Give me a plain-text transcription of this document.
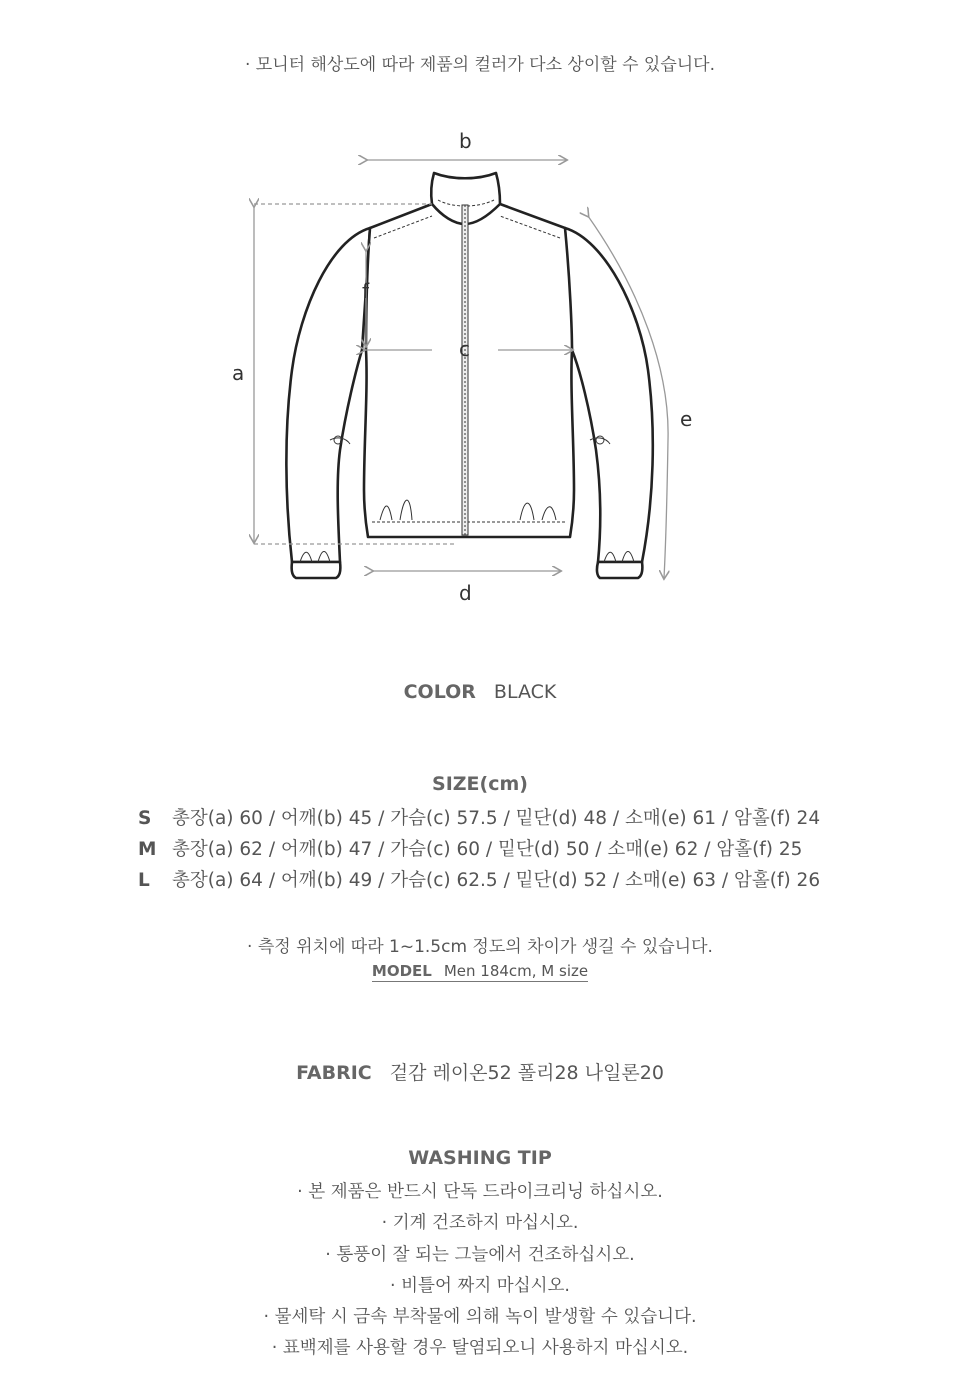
· 모니터 해상도에 따라 제품의 컬러가 다소 상이할 수 있습니다.
b
a
f
c
e
d
COLOR BLACK
SIZE(cm)
S 총장(a) 60 / 어깨(b) 45 / 가슴(c) 57.5 / 밑단(d) 48 / 소매(e) 61 / 암홀(f) 24
M 총장(a) 62 / 어깨(b) 47 / 가슴(c) 60 / 밑단(d) 50 / 소매(e) 62 / 암홀(f) 25
L 총장(a) 64 / 어깨(b) 49 / 가슴(c) 62.5 / 밑단(d) 52 / 소매(e) 63 / 암홀(f) 26
· 측정 위치에 따라 1~1.5cm 정도의 차이가 생길 수 있습니다.
MODEL Men 184cm, M size
FABRIC 겉감 레이온52 폴리28 나일론20
WASHING TIP
· 본 제품은 반드시 단독 드라이크리닝 하십시오.
· 기계 건조하지 마십시오.
· 통풍이 잘 되는 그늘에서 건조하십시오.
· 비틀어 짜지 마십시오.
· 물세탁 시 금속 부착물에 의해 녹이 발생할 수 있습니다.
· 표백제를 사용할 경우 탈염되오니 사용하지 마십시오.
